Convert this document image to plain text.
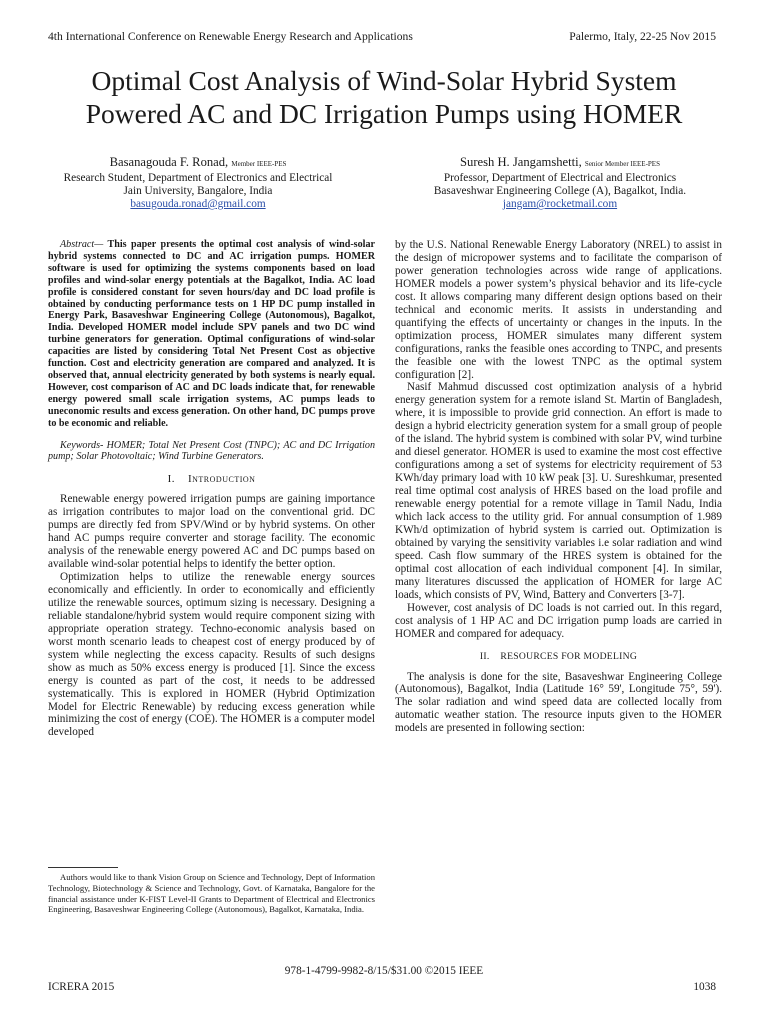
4th International Conference on Renewable Energy Research and Applications	Palermo, Italy, 22-25 Nov 2015
Optimal Cost Analysis of Wind-Solar Hybrid System
Powered AC and DC Irrigation Pumps using HOMER
Basanagouda F. Ronad, Member IEEE-PES
Research Student, Department of Electronics and Electrical
Jain University, Bangalore, India
basugouda.ronad@gmail.com
Suresh H. Jangamshetti, Senior Member IEEE-PES
Professor, Department of Electrical and Electronics
Basaveshwar Engineering College (A), Bagalkot, India.
jangam@rocketmail.com

Abstract— This paper presents the optimal cost analysis of wind-solar hybrid systems connected to DC and AC irrigation pumps. HOMER software is used for optimizing the systems components based on load profiles and wind-solar energy potentials at the Bagalkot, India. AC load profile is considered constant for seven hours/day and DC load profile is obtained by conducting performance tests on 1 HP DC pump installed in Energy Park, Basaveshwar Engineering College (Autonomous), Bagalkot, India. Developed HOMER model include SPV panels and two DC wind turbine generators for generation. Optimal configurations of wind-solar capacities are listed by considering Total Net Present Cost as objective function. Cost and electricity generation are compared and analyzed. It is observed that, annual electricity generated by both systems is nearly equal. However, cost comparison of AC and DC loads indicate that, for renewable energy powered small scale irrigation systems, AC pumps leads to uneconomic results and excess generation. On other hand, DC pumps prove to be economic and reliable.

Keywords- HOMER; Total Net Present Cost (TNPC); AC and DC Irrigation pump; Solar Photovoltaic; Wind Turbine Generators.

I. Introduction

Renewable energy powered irrigation pumps are gaining importance as irrigation contributes to major load on the conventional grid. DC pumps are directly fed from SPV/Wind or by hybrid systems. On other hand AC pumps require converter and storage facility. The economic analysis of the renewable energy powered AC and DC pumps based on available wind-solar potential helps to identify the better option.

Optimization helps to utilize the renewable energy sources economically and efficiently. In order to economically and efficiently utilize the renewable sources, optimum sizing is necessary. Designing a reliable standalone/hybrid system would require component sizing with appropriate operation strategy. Techno-economic analysis based on worst month scenario leads to cheapest cost of energy produced by of system while neglecting the excess capacity. Results of such designs show as much as 50% excess energy is produced [1]. Since the excess energy is counted as part of the cost, it needs to be addressed systematically. This is explored in HOMER (Hybrid Optimization Model for Electric Renewable) by reducing excess generation while minimizing the cost of energy (COE). The HOMER is a computer model developed

by the U.S. National Renewable Energy Laboratory (NREL) to assist in the design of micropower systems and to facilitate the comparison of power generation technologies across wide range of applications. HOMER models a power system’s physical behavior and its life-cycle cost. It allows comparing many different design options based on their technical and economic merits. It assists in understanding and quantifying the effects of uncertainty or changes in the inputs. In the optimization process, HOMER simulates many different system configurations, ranks the feasible ones according to TNPC, and presents the feasible one with the lowest TNPC as the optimal system configuration [2].

Nasif Mahmud discussed cost optimization analysis of a hybrid energy generation system for a remote island St. Martin of Bangladesh, where, it is impossible to provide grid connection. An effort is made to design a hybrid electricity generation system for a small group of people of the island. The hybrid system is combined with solar PV, wind turbine and diesel generator. HOMER is used to examine the most cost effective configurations among a set of systems for electricity requirement of 53 KWh/day primary load with 10 kW peak [3]. U. Sureshkumar, presented real time optimal cost analysis of HRES based on the load profile and renewable energy potential for a remote village in Tamil Nadu, India which lack access to the utility grid. For annual consumption of 1.989 KWh/d optimization of hybrid system is carried out. Optimization is obtained by varying the sensitivity variables i.e solar radiation and wind speed. Cash flow summary of the HRES system is obtained for the optimal cost allocation of each individual component [4]. In similar, many literatures discussed the application of HOMER for large AC loads, which consists of PV, Wind, Battery and Converters [3-7].

However, cost analysis of DC loads is not carried out. In this regard, cost analysis of 1 HP AC and DC irrigation pump loads are carried in HOMER and compared for adequacy.

II. RESOURCES FOR MODELING

The analysis is done for the site, Basaveshwar Engineering College (Autonomous), Bagalkot, India (Latitude 16° 59', Longitude 75°, 59'). The solar radiation and wind speed data are collected locally from automatic weather station. The resource inputs given to the HOMER models are presented in following section:

Authors would like to thank Vision Group on Science and Technology, Dept of Information Technology, Biotechnology & Science and Technology, Govt. of Karnataka, Bangalore for the financial assistance under K-FIST Level-II Grants to Department of Electrical and Electronics Engineering, Basaveshwar Engineering College (Autonomous), Bagalkot, Karnataka, India.
978-1-4799-9982-8/15/$31.00 ©2015 IEEE
ICRERA 2015	1038
